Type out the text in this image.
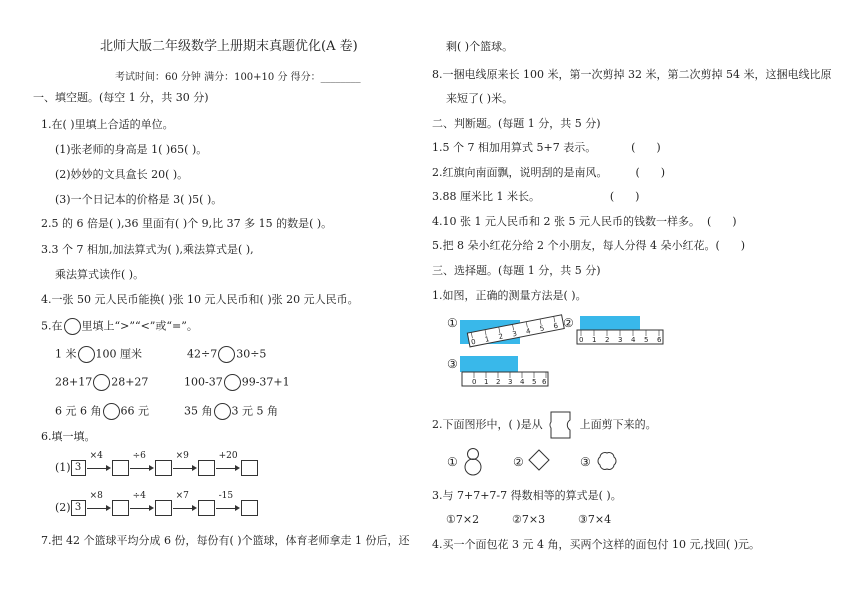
北师大版二年级数学上册期末真题优化(A 卷)
考试时间：60 分钟 满分：100+10 分 得分：________
一、填空题。(每空 1 分，共 30 分)
1.在( )里填上合适的单位。
(1)张老师的身高是 1( )65( )。
(2)妙妙的文具盒长 20( )。
(3)一个日记本的价格是 3( )5( )。
2.5 的 6 倍是( ),36 里面有( )个 9,比 37 多 15 的数是( )。
3.3 个 7 相加,加法算式为( ),乘法算式是( ),
乘法算式读作( )。
4.一张 50 元人民币能换( )张 10 元人民币和( )张 20 元人民币。
5.在 里填上“>”“<”或“=”。
1 米 100 厘米	42÷7 30÷5
28+17 28+27	100-37 99-37+1
6 元 6 角 66 元	35 角 3 元 5 角
6.填一填。
(1) 3
×4	÷6	×9	+20
(2) 3
×8	÷4	×7	-15
7.把 42 个篮球平均分成 6 份，每份有( )个篮球，体育老师拿走 1 份后，还
剩( )个篮球。
8.一捆电线原来长 100 米，第一次剪掉 32 米，第二次剪掉 54 米，这捆电线比原
来短了( )米。
二、判断题。(每题 1 分，共 5 分)
1.5 个 7 相加用算式 5+7 表示。          (      )
2.红旗向南面飘，说明刮的是南风。        (      )
3.88 厘米比 1 米长。                    (      )
4.10 张 1 元人民币和 2 张 5 元人民币的钱数一样多。  (      )
5.把 8 朵小红花分给 2 个小朋友，每人分得 4 朵小红花。(      )
三、选择题。(每题 1 分，共 5 分)
1.如图，正确的测量方法是( )。
①
0 1 2 3 4 5 6 ②
0 1 2 3 4 5 6
③
0 1 2 3 4 5 6
2.下面图形中，( )是从	上面剪下来的。
①	②	③
3.与 7+7+7-7 得数相等的算式是( )。
①7×2	②7×3	③7×4
4.买一个面包花 3 元 4 角，买两个这样的面包付 10 元,找回( )元。
